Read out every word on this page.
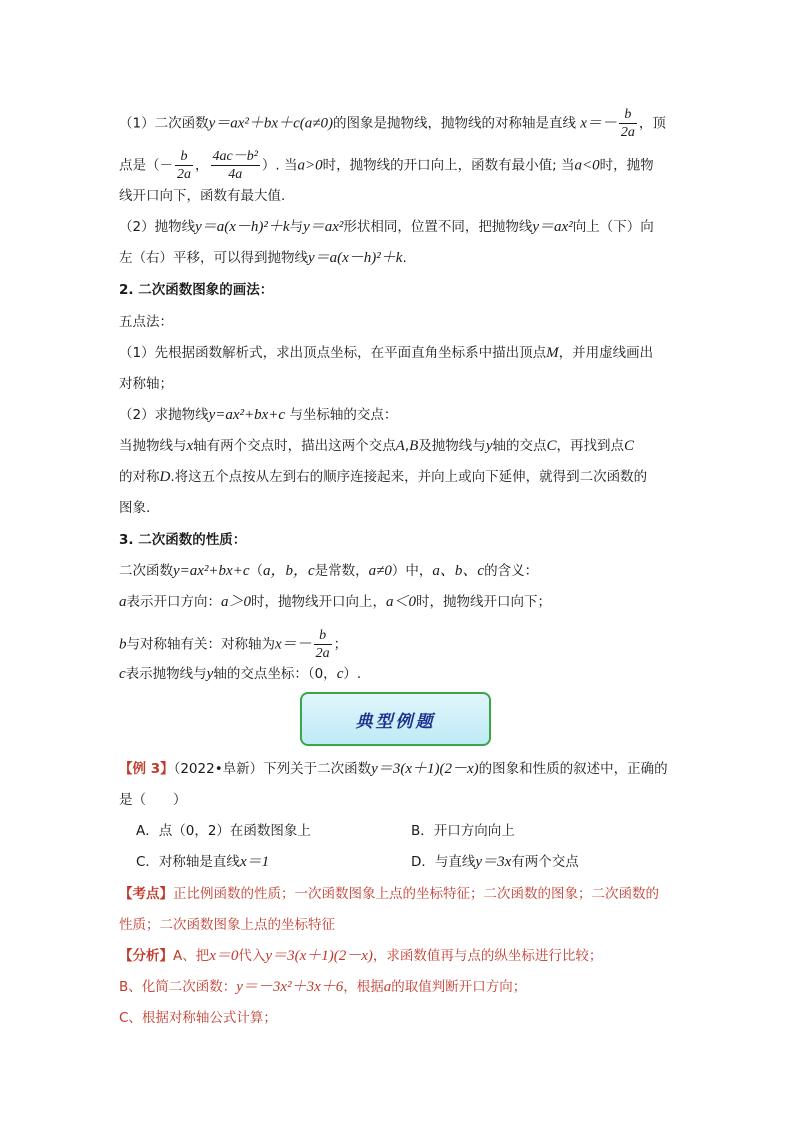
（1）二次函数y＝ax²＋bx＋c(a≠0)的图象是抛物线，抛物线的对称轴是直线 $x=- \frac{b}{2a}$ ，顶
点是（－ $\frac{b}{2a}$ ， $\frac{\text{4ac－b²}}{4a}$ ）. 当a>0时，抛物线的开口向上，函数有最小值; 当a<0时，抛物
线开口向下，函数有最大值.
（2）抛物线y＝a(x－h)²＋k与y＝ax²形状相同，位置不同，把抛物线y＝ax²向上（下）向
左（右）平移，可以得到抛物线y＝a(x－h)²＋k.
2. 二次函数图象的画法：
五点法：
（1）先根据函数解析式，求出顶点坐标，在平面直角坐标系中描出顶点M，并用虚线画出
对称轴；
（2）求抛物线y=ax²+bx+c 与坐标轴的交点：
当抛物线与x轴有两个交点时，描出这两个交点A,B及抛物线与y轴的交点C，再找到点C
的对称D.将这五个点按从左到右的顺序连接起来，并向上或向下延伸，就得到二次函数的
图象.
3. 二次函数的性质：
二次函数y=ax²+bx+c（a，b，c是常数，a≠0）中，a、b、c的含义：
a表示开口方向：a＞0时，抛物线开口向上，a＜0时，抛物线开口向下；
b与对称轴有关：对称轴为$x=- \frac{b}{2a}$ ；
c表示抛物线与y轴的交点坐标：（0，c）.
典型例题
【例 3】（2022•阜新）下列关于二次函数y＝3(x＋1)(2－x)的图象和性质的叙述中，正确的
是（　　）
A．点（0，2）在函数图象上	B．开口方向向上
C．对称轴是直线x＝1	D．与直线y＝3x有两个交点
【考点】正比例函数的性质；一次函数图象上点的坐标特征；二次函数的图象；二次函数的
性质；二次函数图象上点的坐标特征
【分析】A、把x＝0代入y＝3(x＋1)(2－x)，求函数值再与点的纵坐标进行比较；
B、化简二次函数：y＝－3x²＋3x＋6，根据a的取值判断开口方向；
C、根据对称轴公式计算；
